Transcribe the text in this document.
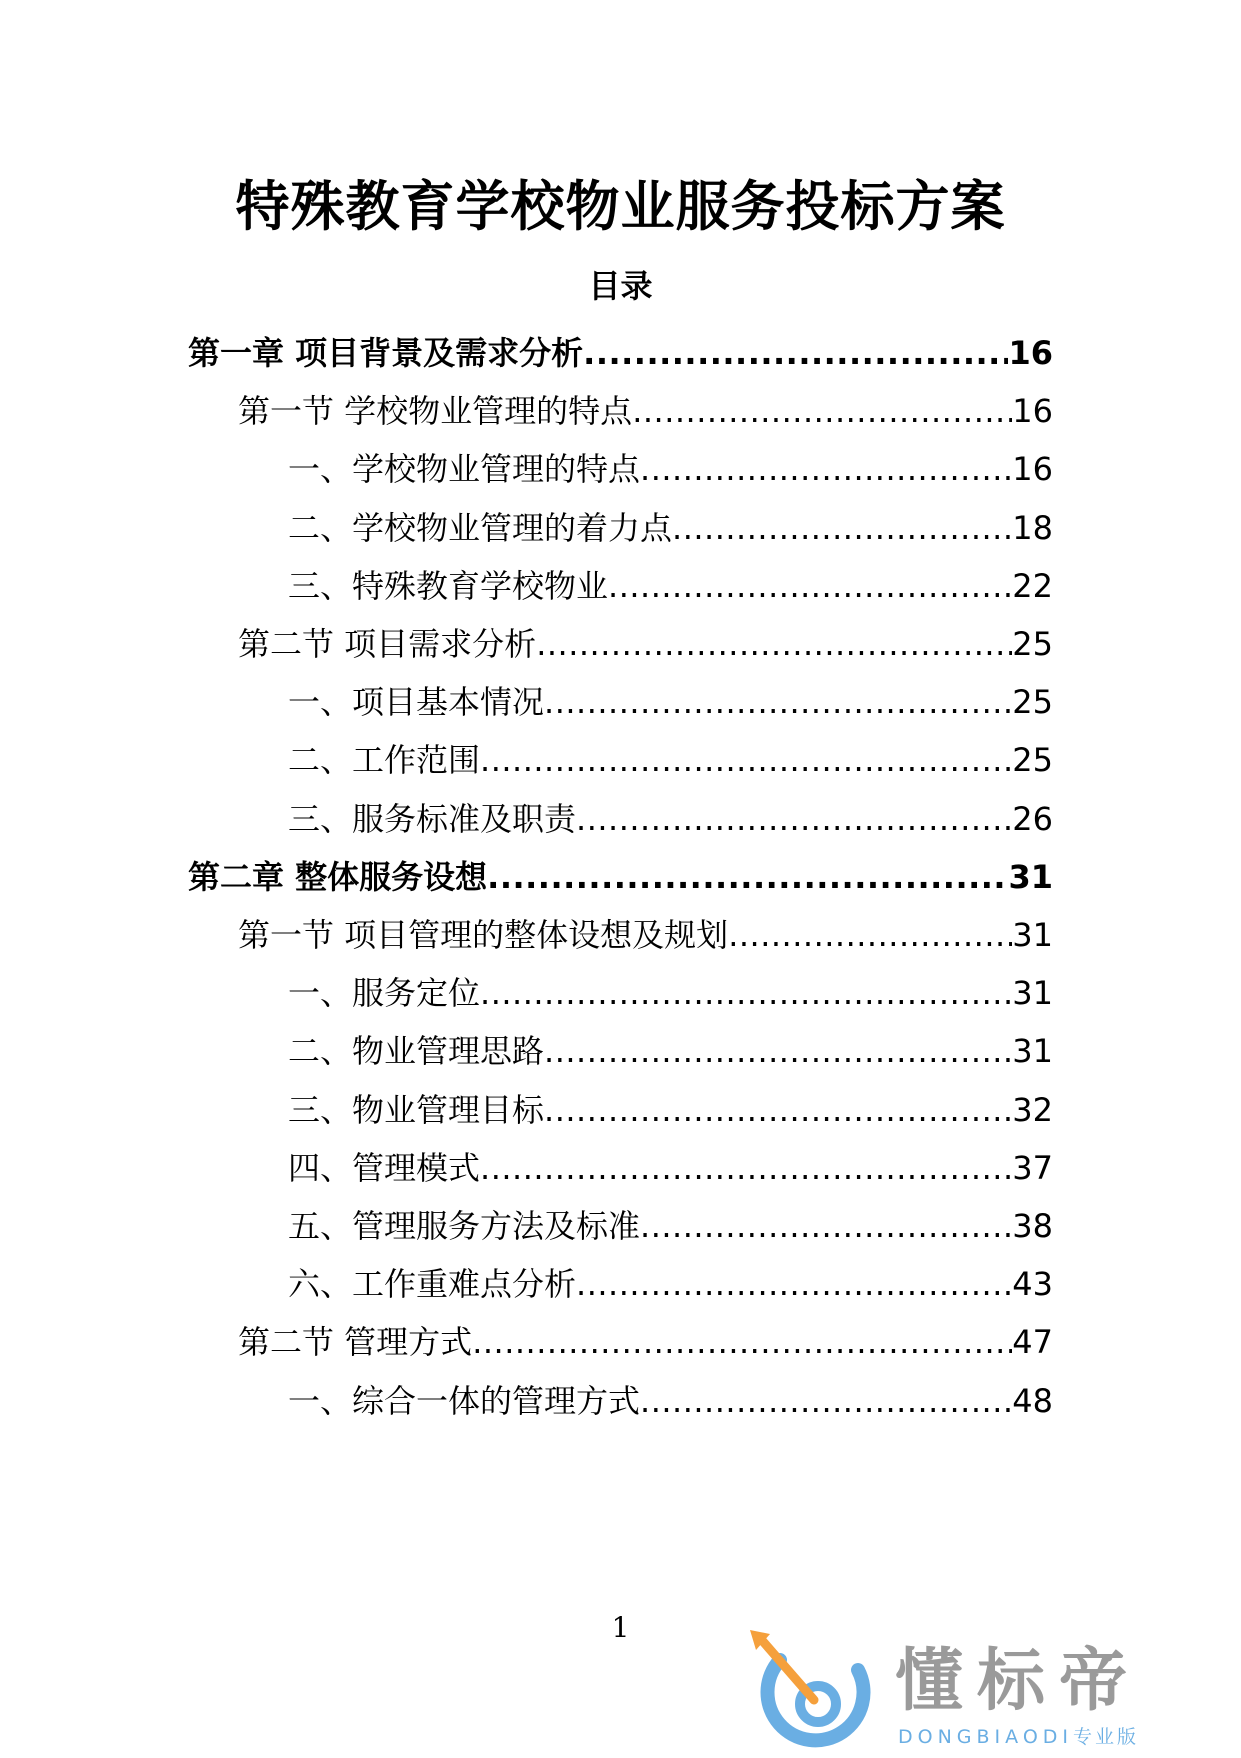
特殊教育学校物业服务投标方案
目录
第一章 项目背景及需求分析 .....	16
第一节 学校物业管理的特点 .....	16
一、学校物业管理的特点 .....	16
二、学校物业管理的着力点 .....	18
三、特殊教育学校物业 .....	22
第二节 项目需求分析 .....	25
一、项目基本情况 .....	25
二、工作范围 .....	25
三、服务标准及职责 .....	26
第二章 整体服务设想 .....	31
第一节 项目管理的整体设想及规划 .....	31
一、服务定位 .....	31
二、物业管理思路 .....	31
三、物业管理目标 .....	32
四、管理模式 .....	37
五、管理服务方法及标准 .....	38
六、工作重难点分析 .....	43
第二节 管理方式 .....	47
一、综合一体的管理方式 .....	48
1
懂标帝
DONGBIAODI专业版
